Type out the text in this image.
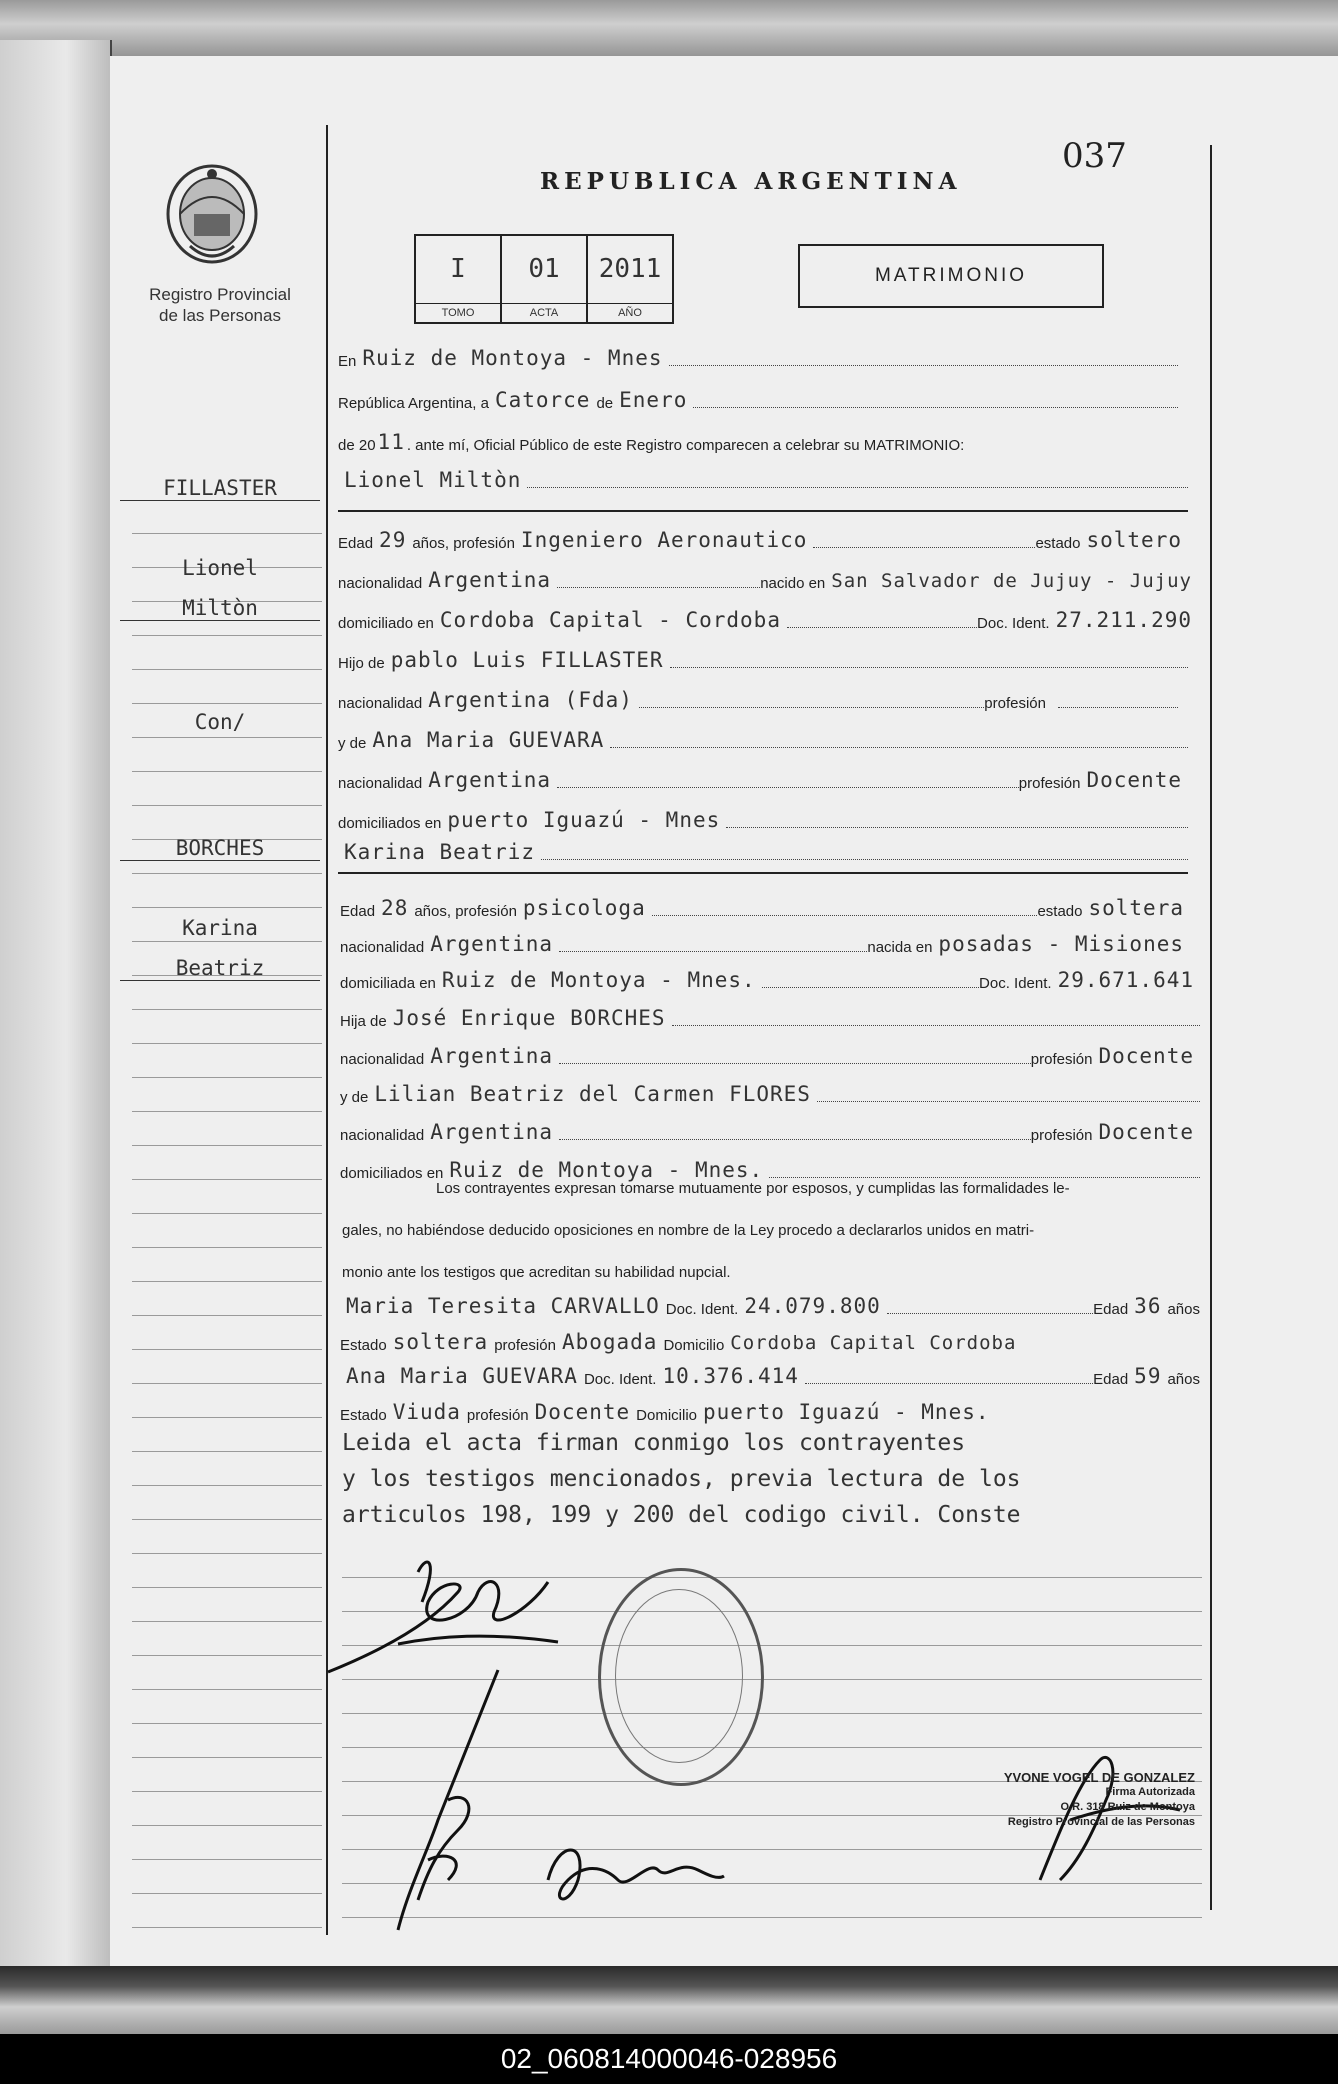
Registro Provincial
de las Personas
037
REPUBLICA ARGENTINA
I
TOMO
01
ACTA
2011
AÑO
MATRIMONIO
En Ruiz de Montoya - Mnes
República Argentina, a Catorce de Enero
de 20 11 . ante mí, Oficial Público de este Registro comparecen a celebrar su MATRIMONIO:
Lionel Miltòn
Edad 29 años, profesión Ingeniero Aeronautico	estado soltero
nacionalidad Argentina	nacido en San Salvador de Jujuy - Jujuy
domiciliado en Cordoba Capital - Cordoba	Doc. Ident. 27.211.290
Hijo de pablo Luis FILLASTER
nacionalidad Argentina (Fda)	profesión
y de Ana Maria GUEVARA
nacionalidad Argentina	profesión Docente
domiciliados en puerto Iguazú - Mnes
Karina Beatriz
Edad 28 años, profesión psicologa	estado soltera
nacionalidad Argentina	nacida en posadas - Misiones
domiciliada en Ruiz de Montoya - Mnes.	Doc. Ident. 29.671.641
Hija de José Enrique BORCHES
nacionalidad Argentina	profesión Docente
y de Lilian Beatriz del Carmen FLORES
nacionalidad Argentina	profesión Docente
domiciliados en Ruiz de Montoya - Mnes.
Los contrayentes expresan tomarse mutuamente por esposos, y cumplidas las formalidades le-
gales, no habiéndose deducido oposiciones en nombre de la Ley procedo a declararlos unidos en matri-
monio ante los testigos que acreditan su habilidad nupcial.
Maria Teresita CARVALLO Doc. Ident. 24.079.800	Edad 36 años
Estado soltera profesión Abogada Domicilio Cordoba Capital Cordoba
Ana Maria GUEVARA Doc. Ident. 10.376.414	Edad 59 años
Estado Viuda profesión Docente Domicilio puerto Iguazú - Mnes.
Leida el acta firman conmigo los contrayentes
y los testigos mencionados, previa lectura de los
articulos 198, 199 y 200 del codigo civil. Conste
FILLASTER
Lionel
Miltòn
Con/
BORCHES
Karina
Beatriz
YVONE VOGEL DE GONZALEZ
Firma Autorizada
O.R. 318 Ruiz de Montoya
Registro Provincial de las Personas
02_060814000046-028956
